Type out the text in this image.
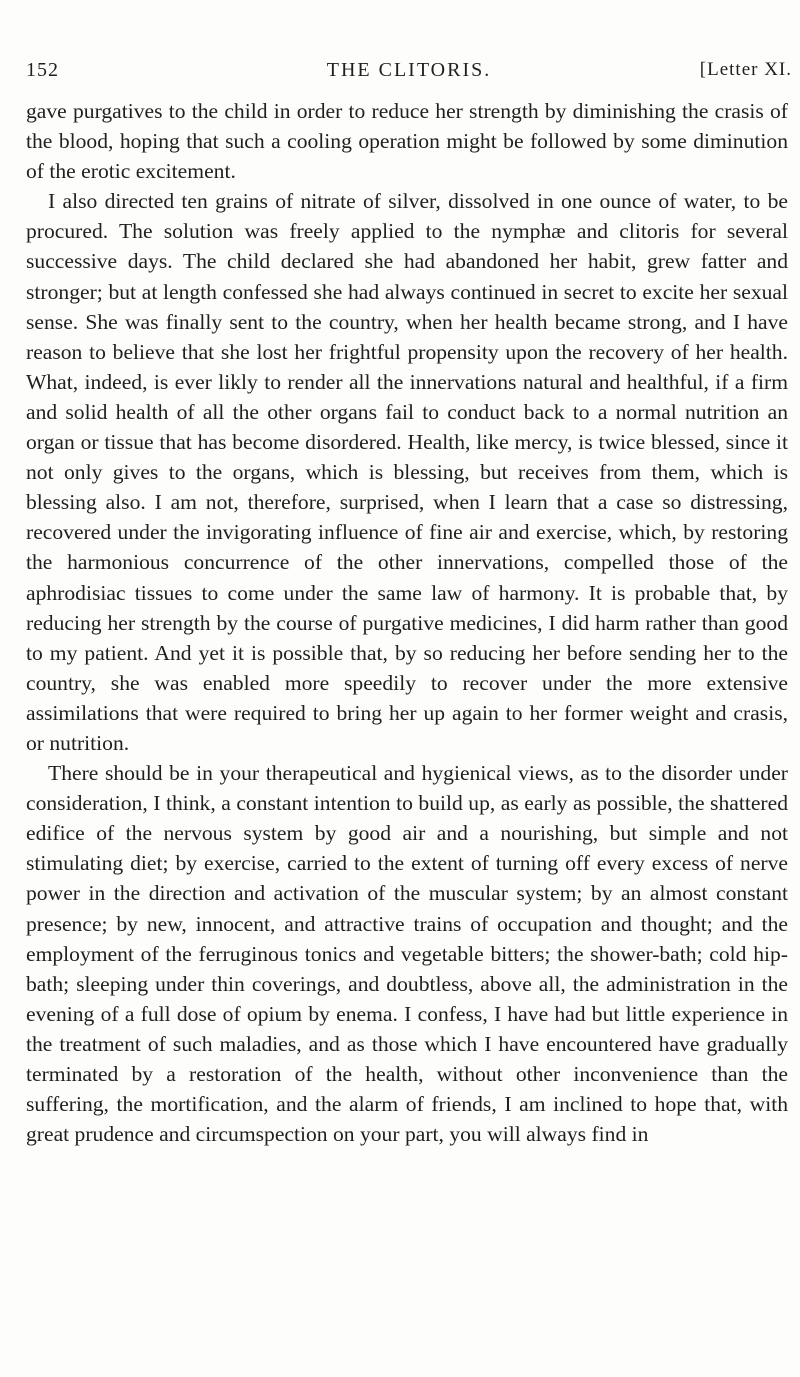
152	THE CLITORIS.	[Letter XI.

gave purgatives to the child in order to reduce her strength by diminishing the crasis of the blood, hoping that such a cooling operation might be followed by some diminution of the erotic excitement.

I also directed ten grains of nitrate of silver, dissolved in one ounce of water, to be procured. The solution was freely applied to the nymphæ and clitoris for several successive days. The child declared she had abandoned her habit, grew fatter and stronger; but at length confessed she had always continued in secret to excite her sexual sense. She was finally sent to the country, when her health became strong, and I have reason to believe that she lost her frightful propensity upon the recovery of her health. What, indeed, is ever likly to render all the innervations natural and healthful, if a firm and solid health of all the other organs fail to conduct back to a normal nutrition an organ or tissue that has become disordered. Health, like mercy, is twice blessed, since it not only gives to the organs, which is blessing, but receives from them, which is blessing also. I am not, therefore, surprised, when I learn that a case so distressing, recovered under the invigorating influence of fine air and exercise, which, by restoring the harmonious concurrence of the other innervations, compelled those of the aphrodisiac tissues to come under the same law of harmony. It is probable that, by reducing her strength by the course of purgative medicines, I did harm rather than good to my patient. And yet it is possible that, by so reducing her before sending her to the country, she was enabled more speedily to recover under the more extensive assimilations that were required to bring her up again to her former weight and crasis, or nutrition.

There should be in your therapeutical and hygienical views, as to the disorder under consideration, I think, a constant intention to build up, as early as possible, the shattered edifice of the nervous system by good air and a nourishing, but simple and not stimulating diet; by exercise, carried to the extent of turning off every excess of nerve power in the direction and activation of the muscular system; by an almost constant presence; by new, innocent, and attractive trains of occupation and thought; and the employment of the ferruginous tonics and vegetable bitters; the shower-bath; cold hip-bath; sleeping under thin coverings, and doubtless, above all, the administration in the evening of a full dose of opium by enema. I confess, I have had but little experience in the treatment of such maladies, and as those which I have encountered have gradually terminated by a restoration of the health, without other inconvenience than the suffering, the mortification, and the alarm of friends, I am inclined to hope that, with great prudence and circumspection on your part, you will always find in
